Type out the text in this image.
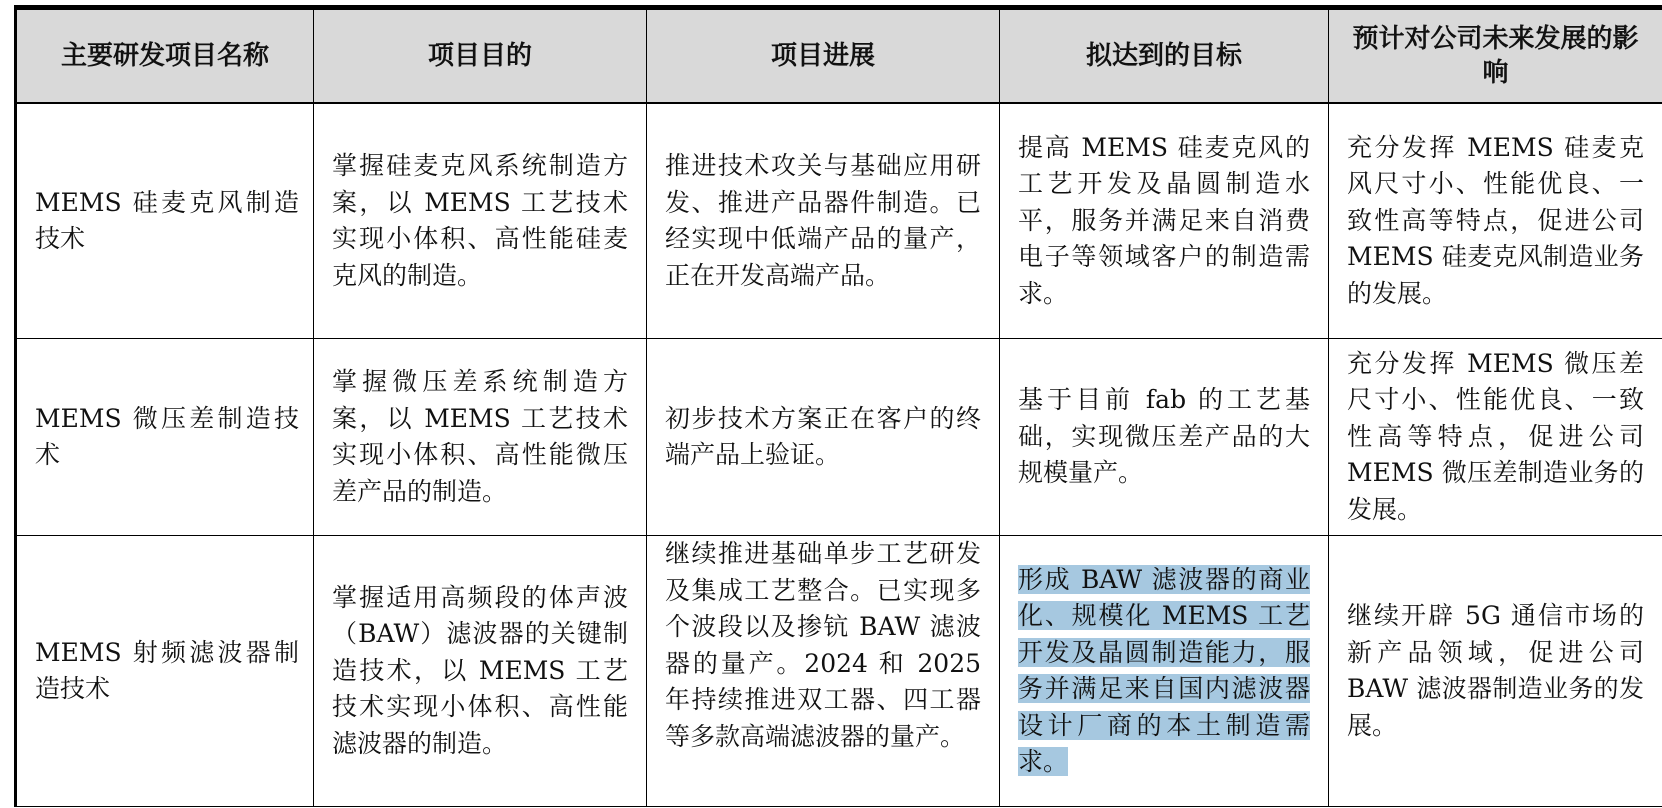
主要研发项目名称	项目目的	项目进展	拟达到的目标	预计对公司未来发展的影响
MEMS 硅麦克风制造技术	掌握硅麦克风系统制造方案，以 MEMS 工艺技术实现小体积、高性能硅麦克风的制造。	推进技术攻关与基础应用研发、推进产品器件制造。已经实现中低端产品的量产，正在开发高端产品。	提高 MEMS 硅麦克风的工艺开发及晶圆制造水平，服务并满足来自消费电子等领域客户的制造需求。	充分发挥 MEMS 硅麦克风尺寸小、性能优良、一致性高等特点，促进公司 MEMS 硅麦克风制造业务的发展。
MEMS 微压差制造技术	掌握微压差系统制造方案，以 MEMS 工艺技术实现小体积、高性能微压差产品的制造。	初步技术方案正在客户的终端产品上验证。	基于目前 fab 的工艺基础，实现微压差产品的大规模量产。	充分发挥 MEMS 微压差尺寸小、性能优良、一致性高等特点，促进公司 MEMS 微压差制造业务的发展。
MEMS 射频滤波器制造技术	掌握适用高频段的体声波（BAW）滤波器的关键制造技术，以 MEMS 工艺技术实现小体积、高性能滤波器的制造。	继续推进基础单步工艺研发及集成工艺整合。已实现多个波段以及掺钪 BAW 滤波器的量产。2024 和 2025 年持续推进双工器、四工器等多款高端滤波器的量产。	形成 BAW 滤波器的商业化、规模化 MEMS 工艺开发及晶圆制造能力，服务并满足来自国内滤波器设计厂商的本土制造需求。	继续开辟 5G 通信市场的新产品领域，促进公司 BAW 滤波器制造业务的发展。
